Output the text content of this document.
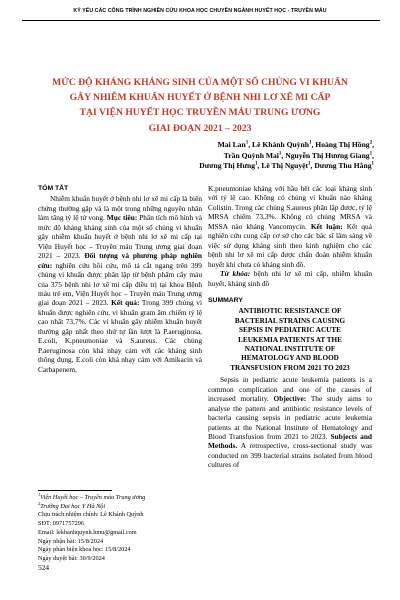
KỶ YẾU CÁC CÔNG TRÌNH NGHIÊN CỨU KHOA HỌC CHUYÊN NGÀNH HUYẾT HỌC - TRUYỀN MÁU
MỨC ĐỘ KHÁNG KHÁNG SINH CỦA MỘT SỐ CHỦNG VI KHUẨN
GÂY NHIỄM KHUẨN HUYẾT Ở BỆNH NHI LƠ XÊ MI CẤP
TẠI VIỆN HUYẾT HỌC TRUYỀN MÁU TRUNG ƯƠNG
GIAI ĐOẠN 2021 – 2023
Mai Lan$^1$, Lê Khánh Quỳnh$^1$, Hoàng Thị Hồng$^2$,
Trần Quỳnh Mai$^1$, Nguyễn Thị Hương Giang$^1$,
Dương Thị Hưng$^1$, Lê Thị Nguyệt$^1$, Dương Thu Hằng$^1$
TÓM TẮT

Nhiễm khuẩn huyết ở bệnh nhi lơ xê mi cấp là biến chứng thường gặp và là một trong những nguyên nhân làm tăng tỷ lệ tử vong. Mục tiêu: Phân tích mô hình và mức độ kháng kháng sinh của một số chủng vi khuẩn gây nhiễm khuẩn huyết ở bệnh nhi lơ xê mi cấp tại Viện Huyết học – Truyền máu Trung ương giai đoạn 2021 – 2023. Đối tượng và phương pháp nghiên cứu: nghiên cứu hồi cứu, mô tả cắt ngang trên 399 chủng vi khuẩn được phân lập từ bệnh phẩm cấy máu của 375 bệnh nhi lơ xê mi cấp điều trị tại khoa Bệnh máu trẻ em, Viện Huyết học – Truyền máu Trung ương giai đoạn 2021 – 2023. Kết quả: Trong 399 chủng vi khuẩn được nghiên cứu, vi khuẩn gram âm chiếm tỷ lệ cao nhất 73,7%. Các vi khuẩn gây nhiễm khuẩn huyết thường gặp nhất theo thứ tự lần lượt là P.aeruginosa, E.coli, K.pneumoniae và S.aureus. Các chủng P.aeruginosa còn khá nhạy cảm với các kháng sinh thông dụng, E.coli còn khá nhạy cảm với Amikacin và Carbapenem,

K.pneumoniae kháng với hầu hết các loại kháng sinh với tỷ lệ cao. Không có chủng vi khuẩn nào kháng Colistin. Trong các chủng S.aureus phân lập được, tỷ lệ MRSA chiếm 73,3%. Không có chủng MRSA và MSSA nào kháng Vancomycin. Kết luận: Kết quả nghiên cứu cung cấp cơ sở cho các bác sĩ lâm sàng về việc sử dụng kháng sinh theo kinh nghiệm cho các bệnh nhi lơ xê mi cấp được chẩn đoán nhiễm khuẩn huyết khi chưa có kháng sinh đồ.

Từ khóa: bệnh nhi lơ xê mi cấp, nhiễm khuẩn huyết, kháng sinh đồ

SUMMARY
ANTIBIOTIC RESISTANCE OF
BACTERIAL STRAINS CAUSING
SEPSIS IN PEDIATRIC ACUTE
LEUKEMIA PATIENTS AT THE
NATIONAL INSTITUTE OF
HEMATOLOGY AND BLOOD
TRANSFUSION FROM 2021 TO 2023

Sepsis in pediatric acute leukemia patients is a common complication and one of the causes of increased mortality. Objective: The study aims to analyse the pattern and antibiotic resistance levels of bacteria causing sepsis in pediatric acute leukemia patients at the National Institute of Hematology and Blood Transfusion from 2021 to 2023. Subjects and Methods. A retrospective, cross-sectional study was conducted on 399 bacterial strains isolated from blood cultures of

$^1$Viện Huyết học – Truyền máu Trung ương
$^2$Trường Đại học Y Hà Nội
Chịu trách nhiệm chính: Lê Khánh Quỳnh
SĐT: 0971757296
Email: lekhanhquynh.hmu@gmail.com
Ngày nhận bài: 15/8/2024
Ngày phản biện khoa học: 15/8/2024
Ngày duyệt bài: 30/9/2024
524
